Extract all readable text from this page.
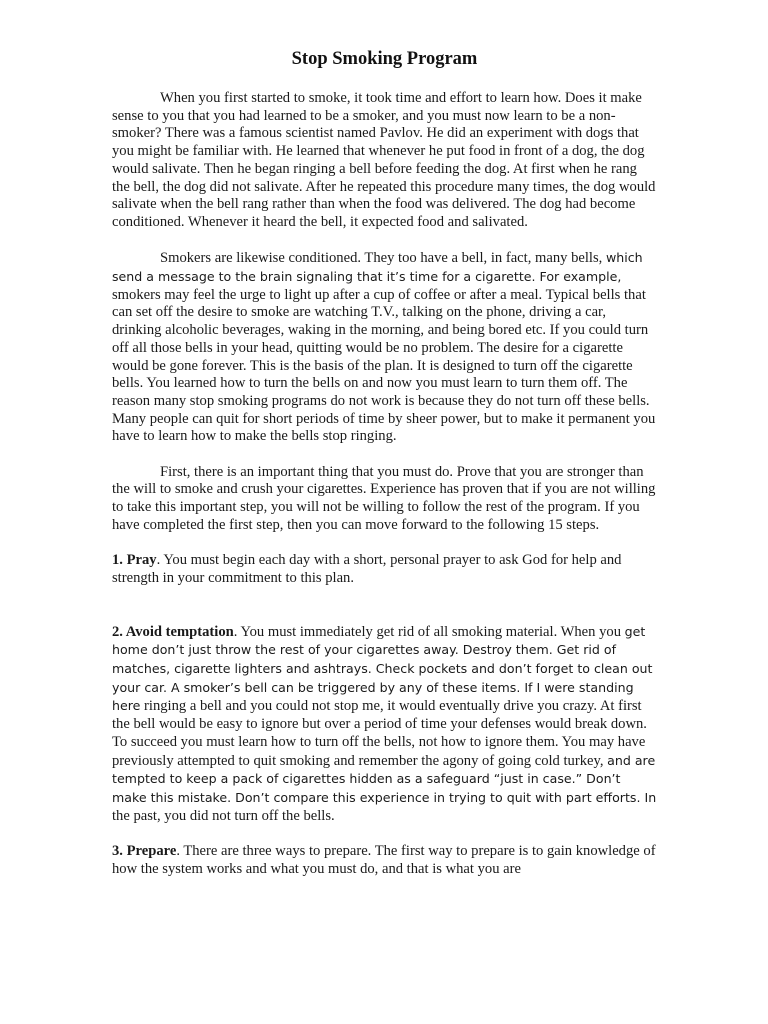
Stop Smoking Program

When you first started to smoke, it took time and effort to learn how. Does it make sense to you that you had learned to be a smoker, and you must now learn to be a non-smoker? There was a famous scientist named Pavlov. He did an experiment with dogs that you might be familiar with. He learned that whenever he put food in front of a dog, the dog would salivate. Then he began ringing a bell before feeding the dog. At first when he rang the bell, the dog did not salivate. After he repeated this procedure many times, the dog would salivate when the bell rang rather than when the food was delivered. The dog had become conditioned. Whenever it heard the bell, it expected food and salivated.

Smokers are likewise conditioned. They too have a bell, in fact, many bells, which send a message to the brain signaling that it’s time for a cigarette. For example, smokers may feel the urge to light up after a cup of coffee or after a meal. Typical bells that can set off the desire to smoke are watching T.V., talking on the phone, driving a car, drinking alcoholic beverages, waking in the morning, and being bored etc. If you could turn off all those bells in your head, quitting would be no problem. The desire for a cigarette would be gone forever. This is the basis of the plan. It is designed to turn off the cigarette bells. You learned how to turn the bells on and now you must learn to turn them off. The reason many stop smoking programs do not work is because they do not turn off these bells. Many people can quit for short periods of time by sheer power, but to make it permanent you have to learn how to make the bells stop ringing.

First, there is an important thing that you must do. Prove that you are stronger than the will to smoke and crush your cigarettes. Experience has proven that if you are not willing to take this important step, you will not be willing to follow the rest of the program. If you have completed the first step, then you can move forward to the following 15 steps.

1. Pray. You must begin each day with a short, personal prayer to ask God for help and strength in your commitment to this plan.

2. Avoid temptation. You must immediately get rid of all smoking material. When you get home don’t just throw the rest of your cigarettes away. Destroy them. Get rid of matches, cigarette lighters and ashtrays. Check pockets and don’t forget to clean out your car. A smoker’s bell can be triggered by any of these items. If I were standing here ringing a bell and you could not stop me, it would eventually drive you crazy. At first the bell would be easy to ignore but over a period of time your defenses would break down. To succeed you must learn how to turn off the bells, not how to ignore them. You may have previously attempted to quit smoking and remember the agony of going cold turkey, and are tempted to keep a pack of cigarettes hidden as a safeguard “just in case.” Don’t make this mistake. Don’t compare this experience in trying to quit with part efforts. In the past, you did not turn off the bells.

3. Prepare. There are three ways to prepare. The first way to prepare is to gain knowledge of how the system works and what you must do, and that is what you are
